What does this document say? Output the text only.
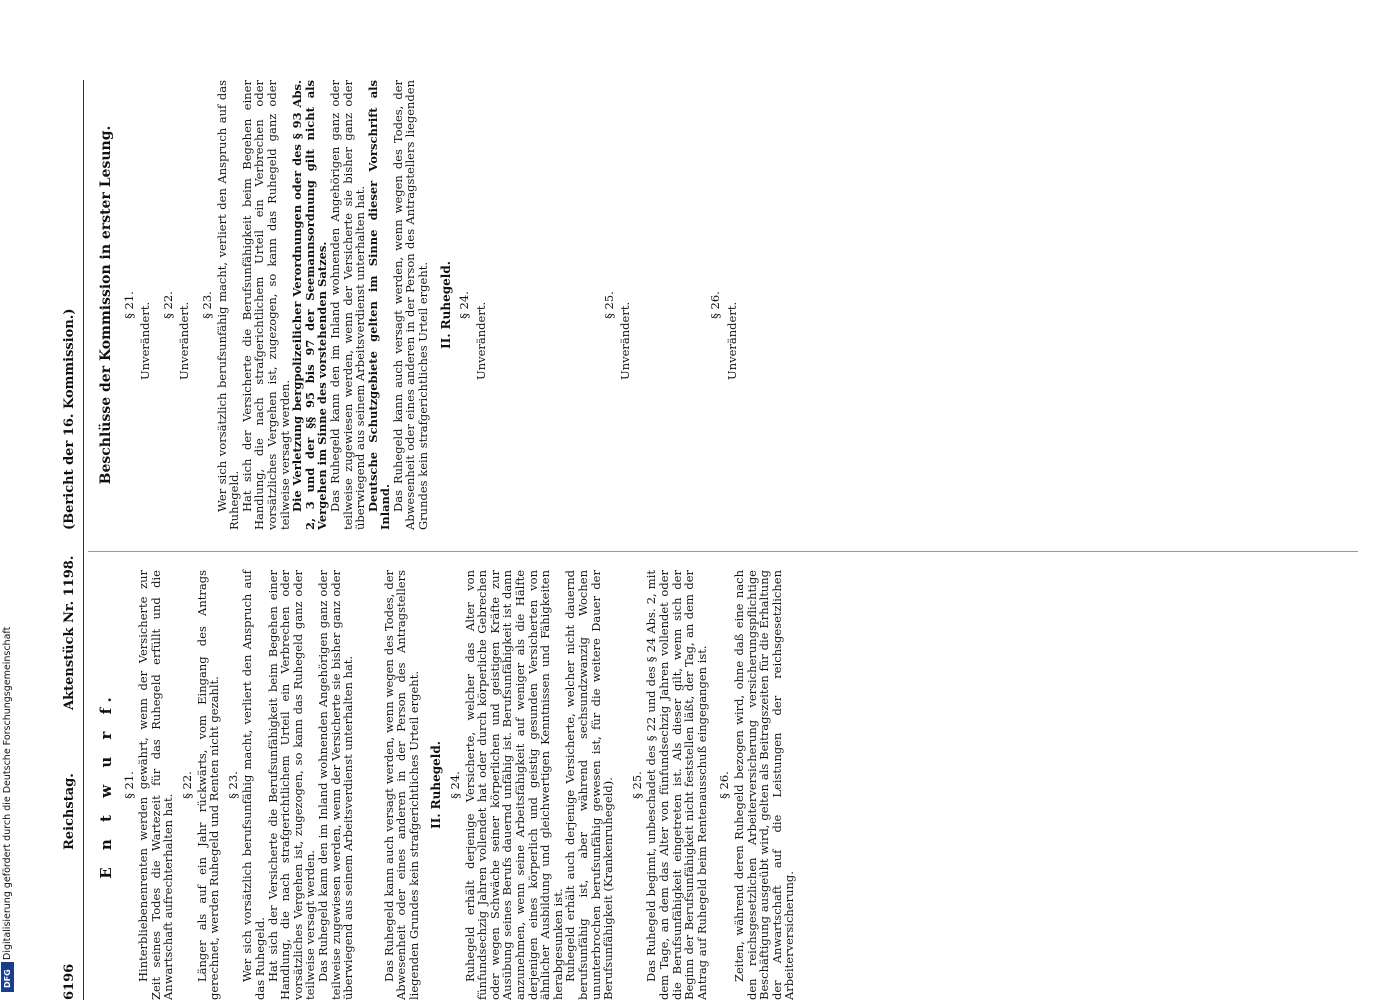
6196
Reichstag.
Aktenstück Nr. 1198.
(Bericht der 16. Kommission.)
E n t w u r f. § 21. Hinterbliebenenrenten werden gewährt, wenn der Versicherte zur Zeit seines Todes die Wartezeit für das Ruhegeld erfüllt und die Anwartschaft aufrechterhalten hat.

§ 22. Länger als auf ein Jahr rückwärts, vom Eingang des Antrags gerechnet, werden Ruhegeld und Renten nicht gezahlt. § 23. Wer sich vorsätzlich berufsunfähig macht, verliert den Anspruch auf das Ruhegeld.

Hat sich der Versicherte die Berufsunfähigkeit beim Begehen einer Handlung, die nach strafgerichtlichem Urteil ein Verbrechen oder vorsätzliches Vergehen ist, zugezogen, so kann das Ruhegeld ganz oder teilweise versagt werden.

Das Ruhegeld kann den im Inland wohnenden Angehörigen ganz oder teilweise zugewiesen werden, wenn der Versicherte sie bisher ganz oder überwiegend aus seinem Arbeitsverdienst unterhalten hat. Das Ruhegeld kann auch versagt werden, wenn wegen des Todes, der Abwesenheit oder eines anderen in der Person des Antragstellers liegenden Grundes kein strafgerichtliches Urteil ergeht. II. Ruhegeld. § 24. Ruhegeld erhält derjenige Versicherte, welcher das Alter von fünfundsechzig Jahren vollendet hat oder durch körperliche Gebrechen oder wegen Schwäche seiner körperlichen und geistigen Kräfte zur Ausübung seines Berufs dauernd unfähig ist. Berufsunfähigkeit ist dann anzunehmen, wenn seine Arbeitsfähigkeit auf weniger als die Hälfte derjenigen eines körperlich und geistig gesunden Versicherten von ähnlicher Ausbildung und gleichwertigen Kenntnissen und Fähigkeiten herabgesunken ist.

Ruhegeld erhält auch derjenige Versicherte, welcher nicht dauernd berufsunfähig ist, aber während sechsundzwanzig Wochen ununterbrochen berufsunfähig gewesen ist, für die weitere Dauer der Berufsunfähigkeit (Krankenruhegeld). § 25. Das Ruhegeld beginnt, unbeschadet des § 22 und des § 24 Abs. 2, mit dem Tage, an dem das Alter von fünfundsechzig Jahren vollendet oder die Berufsunfähigkeit eingetreten ist. Als dieser gilt, wenn sich der Beginn der Berufsunfähigkeit nicht feststellen läßt, der Tag, an dem der Antrag auf Ruhegeld beim Rentenausschuß eingegangen ist. § 26. Zeiten, während deren Ruhegeld bezogen wird, ohne daß eine nach den reichsgesetzlichen Arbeiterversicherung versicherungspflichtige Beschäftigung ausgeübt wird, gelten als Beitragszeiten für die Erhaltung der Anwartschaft auf die Leistungen der reichsgesetzlichen Arbeiterversicherung.

Beschlüsse der Kommission in erster Lesung. § 21. Unverändert. § 22. Unverändert. § 23. Wer sich vorsätzlich berufsunfähig macht, verliert den Anspruch auf das Ruhegeld.

Hat sich der Versicherte die Berufsunfähigkeit beim Begehen einer Handlung, die nach strafgerichtlichem Urteil ein Verbrechen oder vorsätzliches Vergehen ist, zugezogen, so kann das Ruhegeld ganz oder teilweise versagt werden.

Die Verletzung bergpolizeilicher Verordnungen oder des § 93 Abs. 2, 3 und der §§ 95 bis 97 der Seemannsordnung gilt nicht als Vergehen im Sinne des vorstehenden Satzes.

Das Ruhegeld kann den im Inland wohnenden Angehörigen ganz oder teilweise zugewiesen werden, wenn der Versicherte sie bisher ganz oder überwiegend aus seinem Arbeitsverdienst unterhalten hat.

Deutsche Schutzgebiete gelten im Sinne dieser Vorschrift als Inland.

Das Ruhegeld kann auch versagt werden, wenn wegen des Todes, der Abwesenheit oder eines anderen in der Person des Antragstellers liegenden Grundes kein strafgerichtliches Urteil ergeht. II. Ruhegeld. § 24. Unverändert.	§ 25. Unverändert.	§ 26. Unverändert.
Digitalisierung gefördert durch die Deutsche Forschungsgemeinschaft
DFG
